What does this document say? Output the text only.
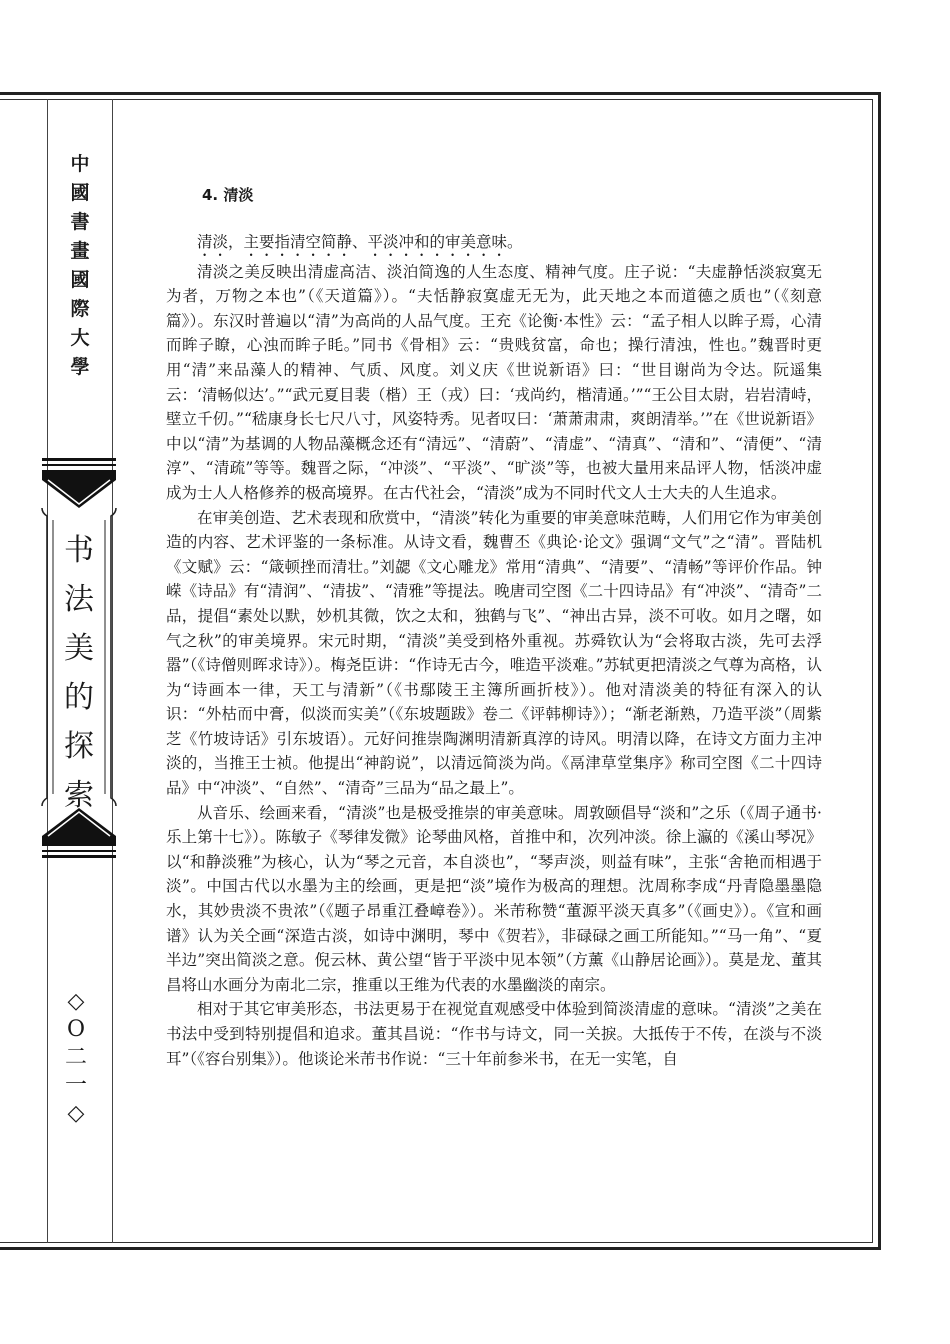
中
國
書
畫
國
際
大
學
书
法
美
的
探
索
◇
O
二
一
◇
4. 清淡

清淡，主要指清空简静、平淡冲和的审美意味。

清淡之美反映出清虚高洁、淡泊简逸的人生态度、精神气度。庄子说：“夫虚静恬淡寂寞无为者，万物之本也”（《天道篇》）。“夫恬静寂寞虚无无为，此天地之本而道德之质也”（《刻意篇》）。东汉时普遍以“清”为高尚的人品气度。王充《论衡·本性》云：“孟子相人以眸子焉，心清而眸子瞭，心浊而眸子眊。”同书《骨相》云：“贵贱贫富，命也；操行清浊，性也。”魏晋时更用“清”来品藻人的精神、气质、风度。刘义庆《世说新语》曰：“世目谢尚为令达。阮遥集云：‘清畅似达’。”“武元夏目裴（楷）王（戎）曰：‘戎尚约，楷清通。’”“王公目太尉，岩岩清峙，壁立千仞。”“嵇康身长七尺八寸，风姿特秀。见者叹曰：‘萧萧肃肃，爽朗清举。’”在《世说新语》中以“清”为基调的人物品藻概念还有“清远”、“清蔚”、“清虚”、“清真”、“清和”、“清便”、“清淳”、“清疏”等等。魏晋之际，“冲淡”、“平淡”、“旷淡”等，也被大量用来品评人物，恬淡冲虚成为士人人格修养的极高境界。在古代社会，“清淡”成为不同时代文人士大夫的人生追求。

在审美创造、艺术表现和欣赏中，“清淡”转化为重要的审美意味范畴，人们用它作为审美创造的内容、艺术评鉴的一条标准。从诗文看，魏曹丕《典论·论文》强调“文气”之“清”。晋陆机《文赋》云：“箴顿挫而清壮。”刘勰《文心雕龙》常用“清典”、“清要”、“清畅”等评价作品。钟嵘《诗品》有“清润”、“清拔”、“清雅”等提法。晚唐司空图《二十四诗品》有“冲淡”、“清奇”二品，提倡“素处以默，妙机其微，饮之太和，独鹤与飞”、“神出古异，淡不可收。如月之曙，如气之秋”的审美境界。宋元时期，“清淡”美受到格外重视。苏舜钦认为“会将取古淡，先可去浮嚣”（《诗僧则晖求诗》）。梅尧臣讲：“作诗无古今，唯造平淡难。”苏轼更把清淡之气尊为高格，认为“诗画本一律，天工与清新”（《书鄢陵王主簿所画折枝》）。他对清淡美的特征有深入的认识：“外枯而中膏，似淡而实美”（《东坡题跋》卷二《评韩柳诗》）；“渐老渐熟，乃造平淡”（周紫芝《竹坡诗话》引东坡语）。元好问推崇陶渊明清新真淳的诗风。明清以降，在诗文方面力主冲淡的，当推王士祯。他提出“神韵说”，以清远简淡为尚。《鬲津草堂集序》称司空图《二十四诗品》中“冲淡”、“自然”、“清奇”三品为“品之最上”。

从音乐、绘画来看，“清淡”也是极受推崇的审美意味。周敦颐倡导“淡和”之乐（《周子通书·乐上第十七》）。陈敏子《琴律发微》论琴曲风格，首推中和，次列冲淡。徐上瀛的《溪山琴况》以“和静淡雅”为核心，认为“琴之元音，本自淡也”，“琴声淡，则益有味”，主张“舍艳而相遇于淡”。中国古代以水墨为主的绘画，更是把“淡”境作为极高的理想。沈周称李成“丹青隐墨墨隐水，其妙贵淡不贵浓”（《题子昂重江叠嶂卷》）。米芾称赞“董源平淡天真多”（《画史》）。《宣和画谱》认为关仝画“深造古淡，如诗中渊明，琴中《贺若》，非碌碌之画工所能知。”“马一角”、“夏半边”突出简淡之意。倪云林、黄公望“皆于平淡中见本领”（方薰《山静居论画》）。莫是龙、董其昌将山水画分为南北二宗，推重以王维为代表的水墨幽淡的南宗。

相对于其它审美形态，书法更易于在视觉直观感受中体验到简淡清虚的意味。“清淡”之美在书法中受到特别提倡和追求。董其昌说：“作书与诗文，同一关捩。大抵传于不传，在淡与不淡耳”（《容台别集》）。他谈论米芾书作说：“三十年前参米书，在无一实笔，自
